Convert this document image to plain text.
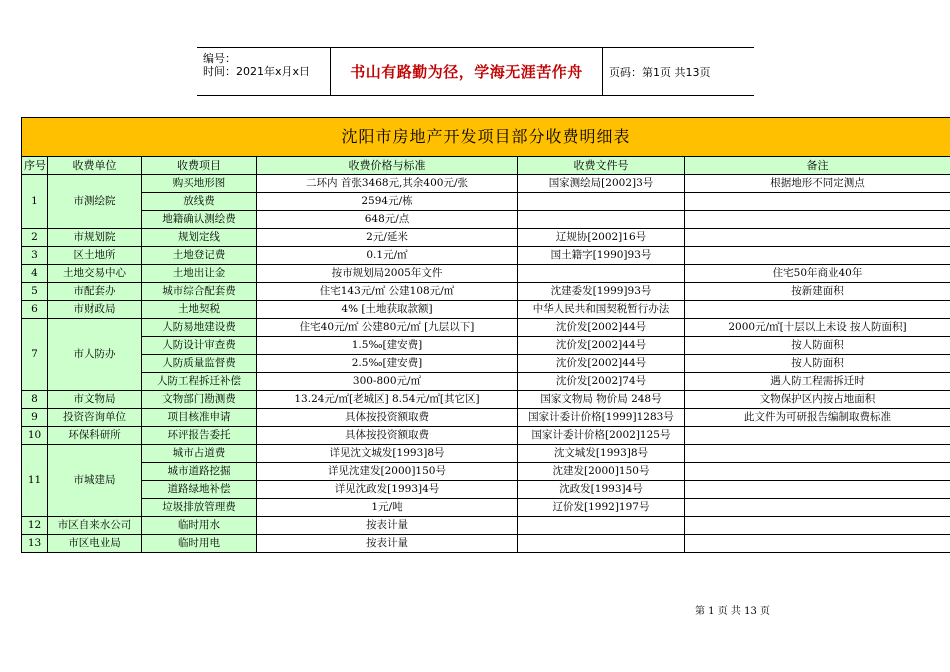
编号：
时间：2021年x月x日	书山有路勤为径，学海无涯苦作舟	页码：第1页 共13页
沈阳市房地产开发项目部分收费明细表					
序号	收费单位	收费项目	收费价格与标准	收费文件号	备注
1	市测绘院	购买地形图	二环内 首张3468元,其余400元/张	国家测绘局[2002]3号	根据地形不同定测点
		放线费	2594元/栋		
		地籍确认测绘费	648元/点		
2	市规划院	规划定线	2元/延米	辽规协[2002]16号	
3	区土地所	土地登记费	0.1元/㎡	国土籍字[1990]93号	
4	土地交易中心	土地出让金	按市规划局2005年文件		住宅50年商业40年
5	市配套办	城市综合配套费	住宅143元/㎡ 公建108元/㎡	沈建委发[1999]93号	按新建面积
6	市财政局	土地契税	4% [土地获取款额]	中华人民共和国契税暂行办法	
7	市人防办	人防易地建设费	住宅40元/㎡ 公建80元/㎡ [九层以下]	沈价发[2002]44号	2000元/㎡[十层以上未设 按人防面积]
		人防设计审查费	1.5‰[建安费]	沈价发[2002]44号	按人防面积
		人防质量监督费	2.5‰[建安费]	沈价发[2002]44号	按人防面积
		人防工程拆迁补偿	300-800元/㎡	沈价发[2002]74号	遇人防工程需拆迁时
8	市文物局	文物部门勘测费	13.24元/㎡[老城区] 8.54元/㎡[其它区]	国家文物局 物价局 248号	文物保护区内按占地面积
9	投资咨询单位	项目核准申请	具体按投资额取费	国家计委计价格[1999]1283号	此文件为可研报告编制取费标准
10	环保科研所	环评报告委托	具体按投资额取费	国家计委计价格[2002]125号	
11	市城建局	城市占道费	详见沈文城发[1993]8号	沈文城发[1993]8号	
		城市道路挖掘	详见沈建发[2000]150号	沈建发[2000]150号	
		道路绿地补偿	详见沈政发[1993]4号	沈政发[1993]4号	
		垃圾排放管理费	1元/吨	辽价发[1992]197号	
12	市区自来水公司	临时用水	按表计量		
13	市区电业局	临时用电	按表计量		
第 1 页 共 13 页
